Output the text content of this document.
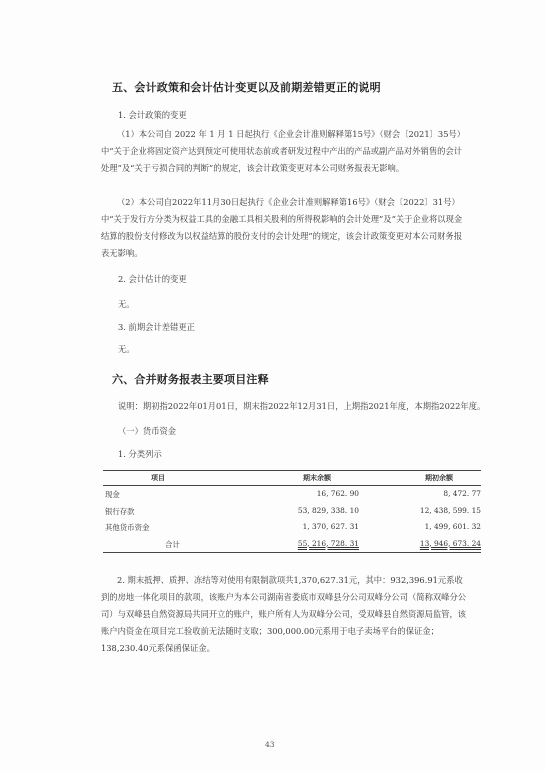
五、会计政策和会计估计变更以及前期差错更正的说明
1. 会计政策的变更
（1）本公司自 2022 年 1 月 1 日起执行《企业会计准则解释第15号》（财会〔2021〕35号）中“关于企业将固定资产达到预定可使用状态前或者研发过程中产出的产品或副产品对外销售的会计处理”及“关于亏损合同的判断”的规定，该会计政策变更对本公司财务报表无影响。
（2）本公司自2022年11月30日起执行《企业会计准则解释第16号》（财会〔2022〕31号）中“关于发行方分类为权益工具的金融工具相关股利的所得税影响的会计处理”及“关于企业将以现金结算的股份支付修改为以权益结算的股份支付的会计处理”的规定，该会计政策变更对本公司财务报表无影响。
2. 会计估计的变更
无。
3. 前期会计差错更正
无。
六、合并财务报表主要项目注释
说明：期初指2022年01月01日，期末指2022年12月31日，上期指2021年度，本期指2022年度。
（一）货币资金
1. 分类列示
项目	期末余额	期初余额
现金	16, 762. 90	8, 472. 77
银行存款	53, 829, 338. 10	12, 438, 599. 15
其他货币资金	1, 370, 627. 31	1, 499, 601. 32
合计	55, 216, 728. 31	13, 946, 673. 24
2. 期末抵押、质押、冻结等对使用有限制款项共1,370,627.31元，其中：932,396.91元系收到的房地一体化项目的款项，该账户为本公司湖南省娄底市双峰县分公司双峰分公司（简称双峰分公司）与双峰县自然资源局共同开立的账户，账户所有人为双峰分公司，受双峰县自然资源局监管，该账户内资金在项目完工验收前无法随时支取；300,000.00元系用于电子卖场平台的保证金；138,230.40元系保函保证金。
43
